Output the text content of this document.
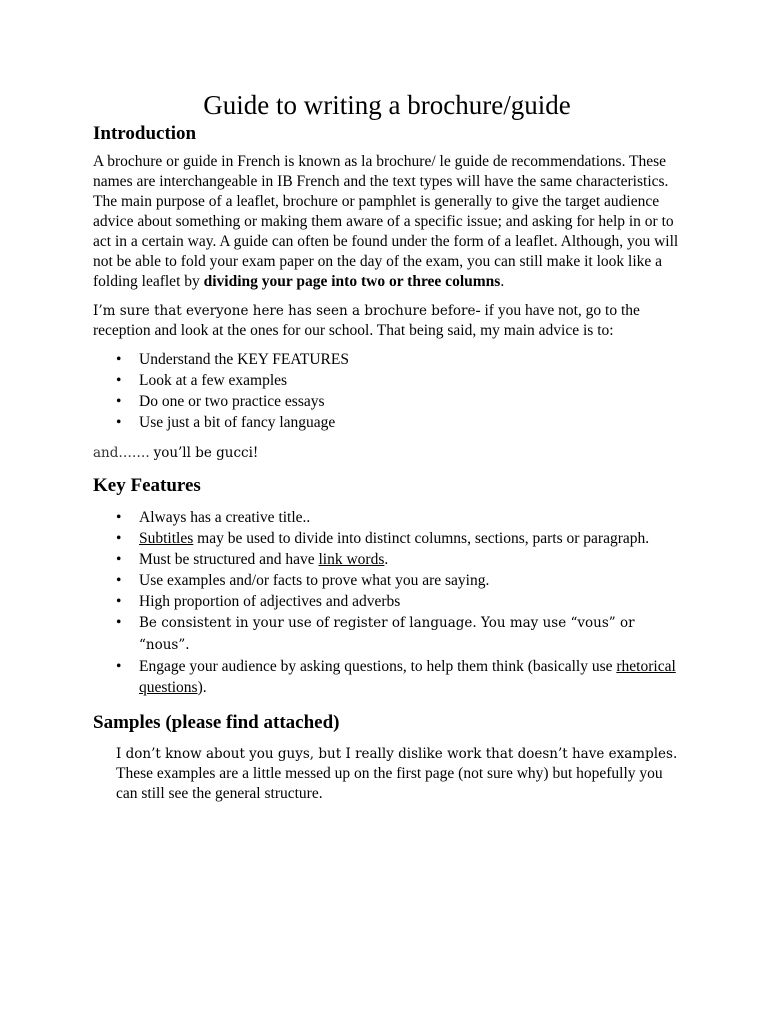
Guide to writing a brochure/guide
Introduction

A brochure or guide in French is known as la brochure/ le guide de recommendations. These names are interchangeable in IB French and the text types will have the same characteristics. The main purpose of a leaflet, brochure or pamphlet is generally to give the target audience advice about something or making them aware of a specific issue; and asking for help in or to act in a certain way. A guide can often be found under the form of a leaflet. Although, you will not be able to fold your exam paper on the day of the exam, you can still make it look like a folding leaflet by dividing your page into two or three columns.

I’m sure that everyone here has seen a brochure before- if you have not, go to the reception and look at the ones for our school. That being said, my main advice is to:

• Understand the KEY FEATURES
• Look at a few examples
• Do one or two practice essays
• Use just a bit of fancy language

and……. you’ll be gucci!

Key Features
• Always has a creative title..
• Subtitles may be used to divide into distinct columns, sections, parts or paragraph.
• Must be structured and have link words.
• Use examples and/or facts to prove what you are saying.
• High proportion of adjectives and adverbs
• Be consistent in your use of register of language. You may use “vous” or “nous”.
• Engage your audience by asking questions, to help them think (basically use rhetorical questions).
Samples (please find attached)

I don’t know about you guys, but I really dislike work that doesn’t have examples. These examples are a little messed up on the first page (not sure why) but hopefully you can still see the general structure.
